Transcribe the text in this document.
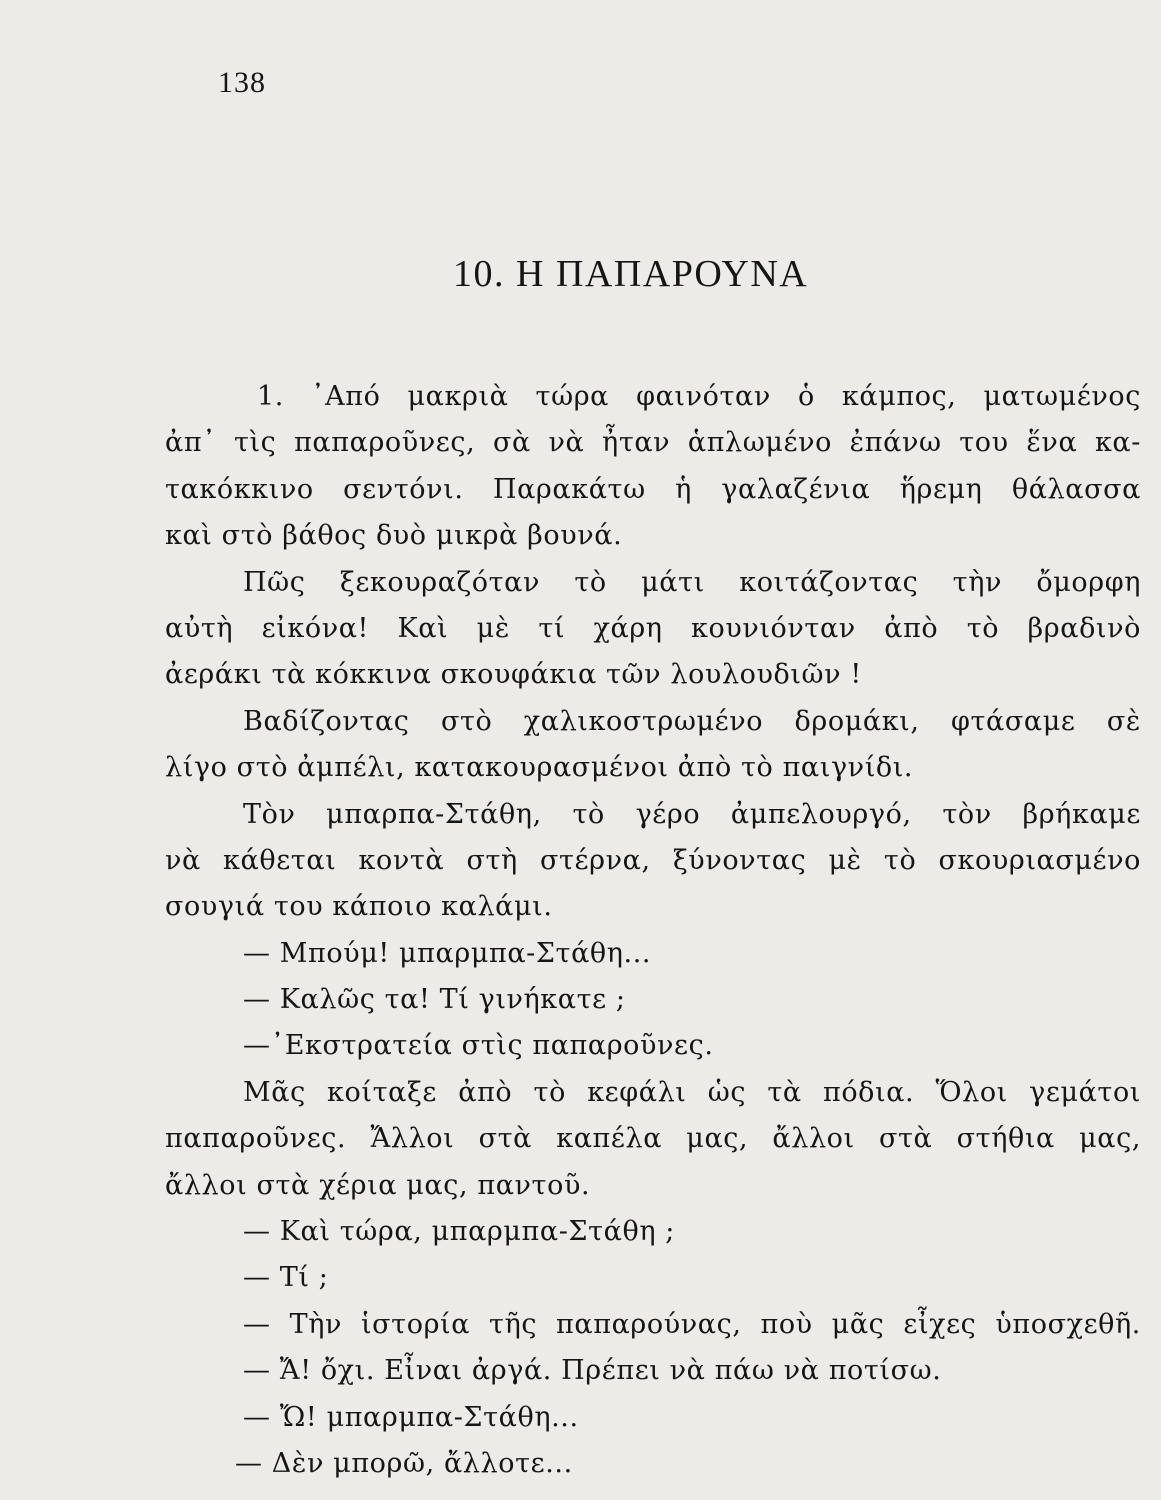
138
10. Η ΠΑΠΑΡΟΥΝΑ
1. ᾿Από μακριὰ τώρα φαινόταν ὁ κάμπος, ματωμένος
ἀπ᾿ τὶς παπαροῦνες, σὰ νὰ ἦταν ἁπλωμένο ἐπάνω του ἕνα κα-
τακόκκινο σεντόνι. Παρακάτω ἡ γαλαζένια ἥρεμη θάλασσα
καὶ στὸ βάθος δυὸ μικρὰ βουνά.
Πῶς ξεκουραζόταν τὸ μάτι κοιτάζοντας τὴν ὄμορφη
αὐτὴ εἰκόνα! Καὶ μὲ τί χάρη κουνιόνταν ἀπὸ τὸ βραδινὸ
ἀεράκι τὰ κόκκινα σκουφάκια τῶν λουλουδιῶν !
Βαδίζοντας στὸ χαλικοστρωμένο δρομάκι, φτάσαμε σὲ
λίγο στὸ ἀμπέλι, κατακουρασμένοι ἀπὸ τὸ παιγνίδι.
Τὸν μπαρπα-Στάθη, τὸ γέρο ἀμπελουργό, τὸν βρήκαμε
νὰ κάθεται κοντὰ στὴ στέρνα, ξύνοντας μὲ τὸ σκουριασμένο
σουγιά του κάποιο καλάμι.
— Μπούμ! μπαρμπα-Στάθη...
— Καλῶς τα! Τί γινήκατε ;
—᾿Εκστρατεία στὶς παπαροῦνες.
Μᾶς κοίταξε ἀπὸ τὸ κεφάλι ὡς τὰ πόδια. Ὅλοι γεμάτοι
παπαροῦνες. Ἄλλοι στὰ καπέλα μας, ἄλλοι στὰ στήθια μας,
ἄλλοι στὰ χέρια μας, παντοῦ.
— Καὶ τώρα, μπαρμπα-Στάθη ;
— Τί ;
— Τὴν ἱστορία τῆς παπαρούνας, ποὺ μᾶς εἶχες ὑποσχεθῆ.
— Ἄ! ὄχι. Εἶναι ἀργά. Πρέπει νὰ πάω νὰ ποτίσω.
— Ὤ! μπαρμπα-Στάθη...
— Δὲν μπορῶ, ἄλλοτε...
